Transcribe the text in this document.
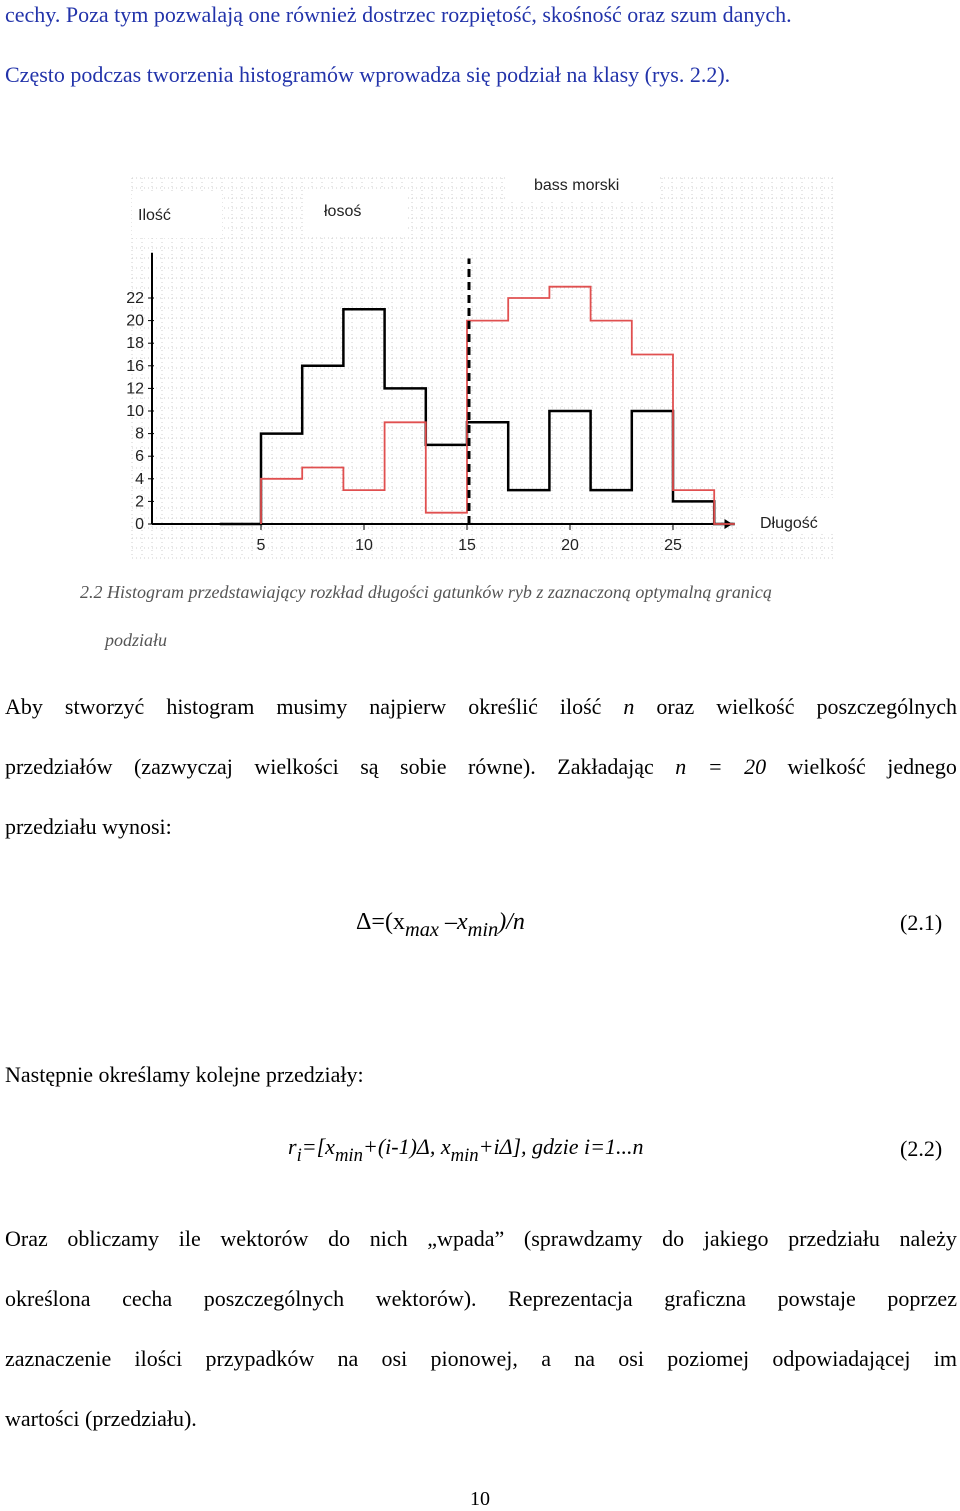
cechy. Poza tym pozwalają one również dostrzec rozpiętość, skośność oraz szum danych.
Często podczas tworzenia histogramów wprowadza się podział na klasy (rys. 2.2).
0
2
4
6
8
10
12
16
18
20
22
5	10	15	20	25
Ilość	łosoś
bass morski
Długość
2.2 Histogram przedstawiający rozkład długości gatunków ryb z zaznaczoną optymalną granicą
podziału
Aby stworzyć histogram musimy najpierw określić ilość n oraz wielkość poszczególnych
przedziałów (zazwyczaj wielkości są sobie równe). Zakładając n = 20 wielkość jednego
przedziału wynosi:
$\Delta=(x_{max}$ $-x_{min})/n$	(2.1)
Następnie określamy kolejne przedziały:
$r_i=[x_{min}+(i-1)\Delta$, $x_{min}+i\Delta$], gdzie i=1...n	(2.2)
Oraz obliczamy ile wektorów do nich „wpada” (sprawdzamy do jakiego przedziału należy
określona cecha poszczególnych wektorów). Reprezentacja graficzna powstaje poprzez
zaznaczenie ilości przypadków na osi pionowej, a na osi poziomej odpowiadającej im
wartości (przedziału).
10
